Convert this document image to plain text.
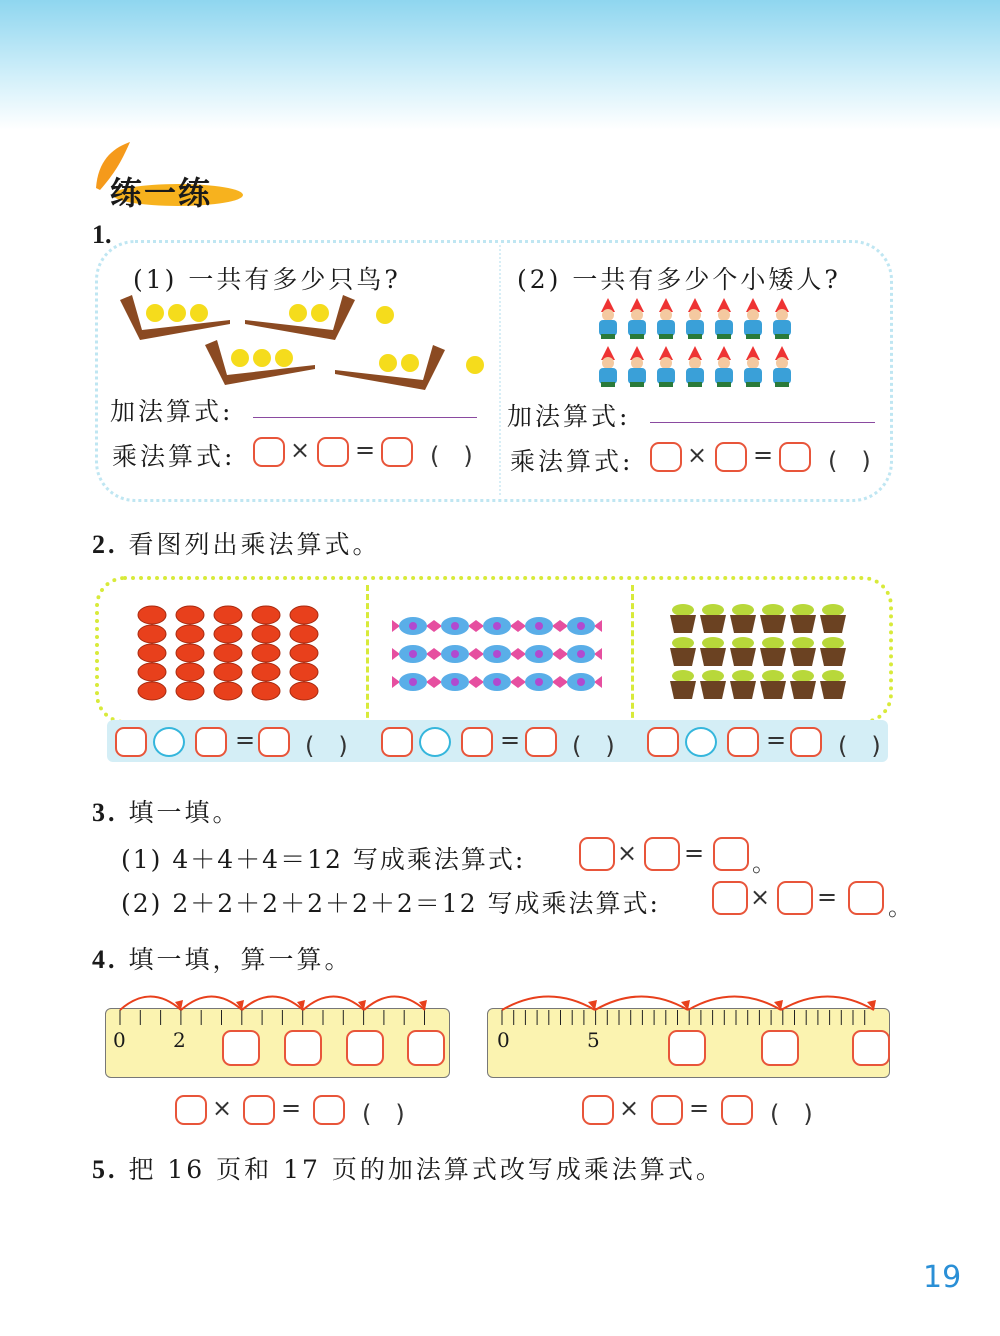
练一练
1.
(1) 一共有多少只鸟?
加法算式:
乘法算式:
(2) 一共有多少个小矮人?
加法算式:
乘法算式:
2. 看图列出乘法算式。
3. 填一填。
(1) 4＋4＋4＝12 写成乘法算式:
(2) 2＋2＋2＋2＋2＋2＝12 写成乘法算式:
4. 填一填，算一算。
0 2	0	5
5. 把 16 页和 17 页的加法算式改写成乘法算式。
19
× = (　)	× = (　)
× =	(　)	× =	(　)
= (　)	= (　)	= (　)
× = 。
× = 。
